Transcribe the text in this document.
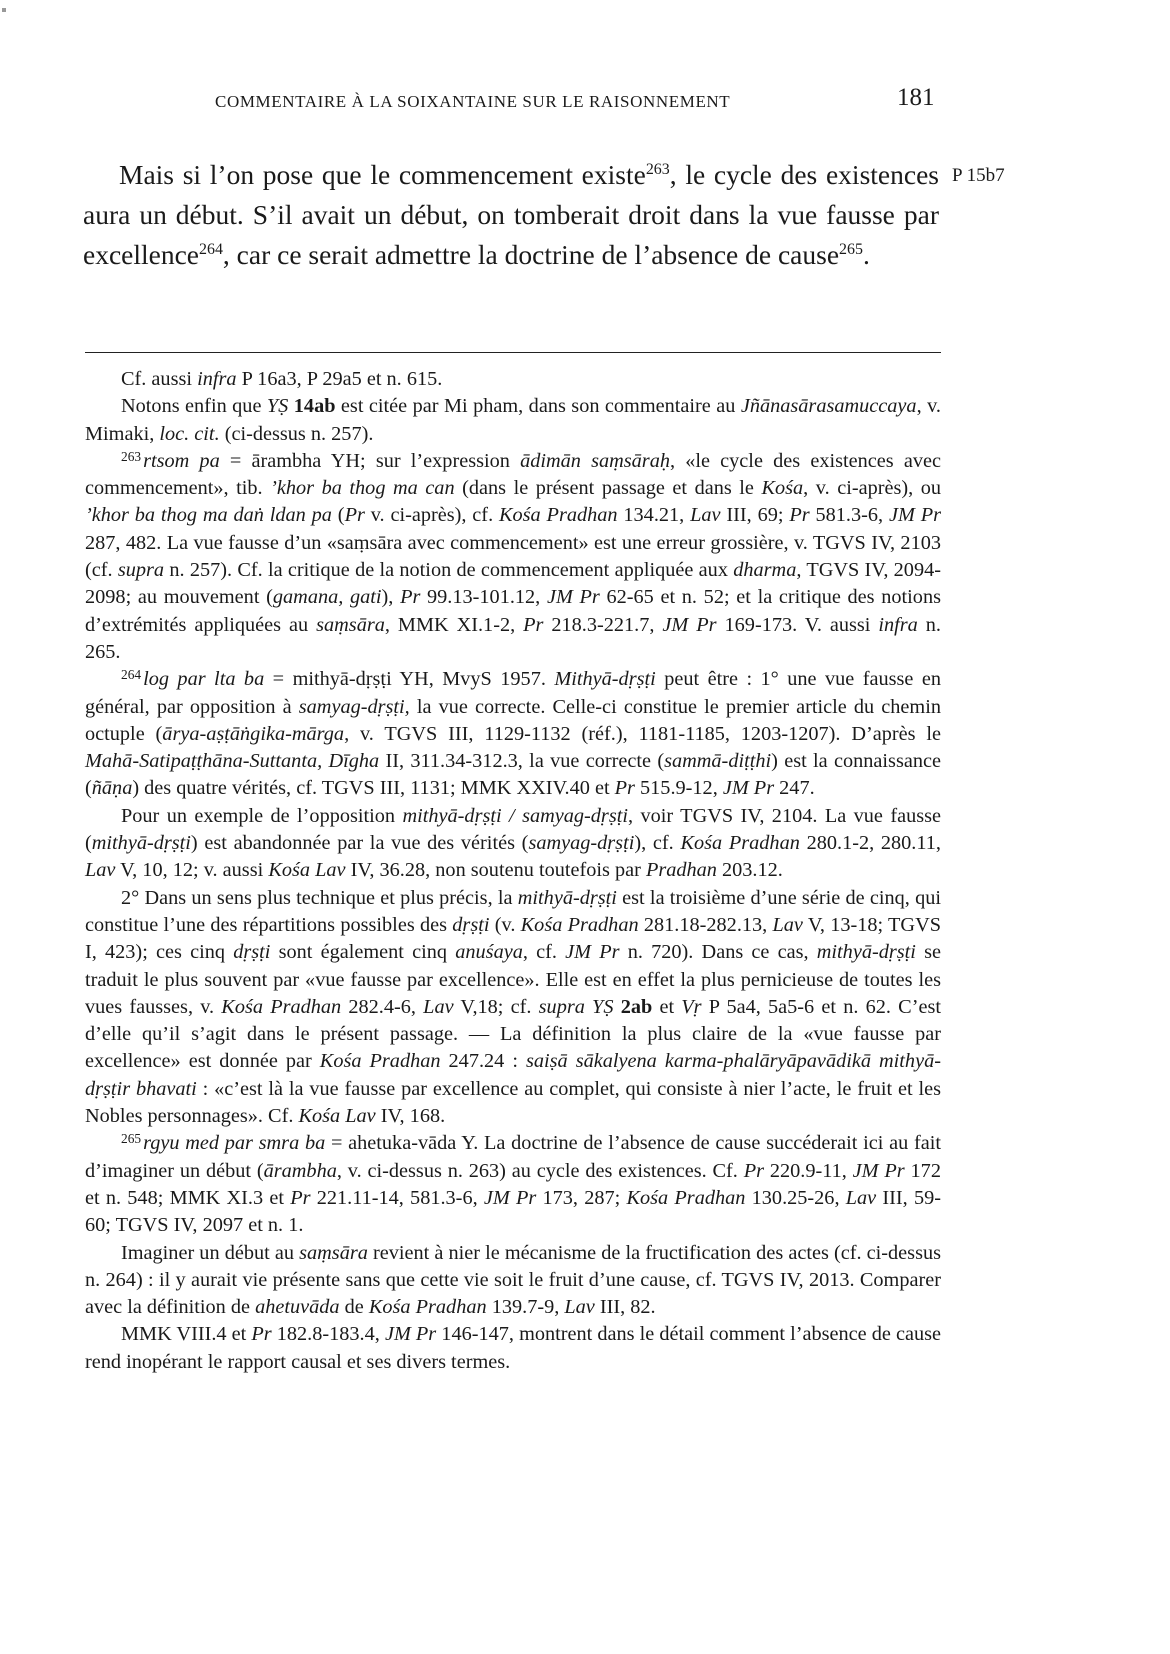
COMMENTAIRE À LA SOIXANTAINE SUR LE RAISONNEMENT	181
P 15b7

Mais si l’on pose que le commencement existe$^{263}$, le cycle des existences aura un début. S’il avait un début, on tomberait droit dans la vue fausse par excellence$^{264}$, car ce serait admettre la doctrine de l’absence de cause$^{265}$.

Cf. aussi infra P 16a3, P 29a5 et n. 615.

Notons enfin que YṢ 14ab est citée par Mi pham, dans son commentaire au Jñānasārasamuccaya, v. Mimaki, loc. cit. (ci-dessus n. 257).

$^{263}$rtsom pa = ārambha YH; sur l’expression ādimān saṃsāraḥ, «le cycle des existences avec commencement», tib. ’khor ba thog ma can (dans le présent passage et dans le Kośa, v. ci-après), ou ’khor ba thog ma daṅ ldan pa (Pr v. ci-après), cf. Kośa Pradhan 134.21, Lav III, 69; Pr 581.3-6, JM Pr 287, 482. La vue fausse d’un «saṃsāra avec commencement» est une erreur grossière, v. TGVS IV, 2103 (cf. supra n. 257). Cf. la critique de la notion de commencement appliquée aux dharma, TGVS IV, 2094-2098; au mouvement (gamana, gati), Pr 99.13-101.12, JM Pr 62-65 et n. 52; et la critique des notions d’extrémités appliquées au saṃsāra, MMK XI.1-2, Pr 218.3-221.7, JM Pr 169-173. V. aussi infra n. 265.

$^{264}$log par lta ba = mithyā-dṛṣṭi YH, MvyS 1957. Mithyā-dṛṣṭi peut être : 1° une vue fausse en général, par opposition à samyag-dṛṣṭi, la vue correcte. Celle-ci constitue le premier article du chemin octuple (ārya-aṣṭāṅgika-mārga, v. TGVS III, 1129-1132 (réf.), 1181-1185, 1203-1207). D’après le Mahā-Satipaṭṭhāna-Suttanta, Dīgha II, 311.34-312.3, la vue correcte (sammā-diṭṭhi) est la connaissance (ñāṇa) des quatre vérités, cf. TGVS III, 1131; MMK XXIV.40 et Pr 515.9-12, JM Pr 247.

Pour un exemple de l’opposition mithyā-dṛṣṭi / samyag-dṛṣṭi, voir TGVS IV, 2104. La vue fausse (mithyā-dṛṣṭi) est abandonnée par la vue des vérités (samyag-dṛṣṭi), cf. Kośa Pradhan 280.1-2, 280.11, Lav V, 10, 12; v. aussi Kośa Lav IV, 36.28, non soutenu toutefois par Pradhan 203.12.

2° Dans un sens plus technique et plus précis, la mithyā-dṛṣṭi est la troisième d’une série de cinq, qui constitue l’une des répartitions possibles des dṛṣṭi (v. Kośa Pradhan 281.18-282.13, Lav V, 13-18; TGVS I, 423); ces cinq dṛṣṭi sont également cinq anuśaya, cf. JM Pr n. 720). Dans ce cas, mithyā-dṛṣṭi se traduit le plus souvent par «vue fausse par excellence». Elle est en effet la plus pernicieuse de toutes les vues fausses, v. Kośa Pradhan 282.4-6, Lav V,18; cf. supra YṢ 2ab et Vṛ P 5a4, 5a5-6 et n. 62. C’est d’elle qu’il s’agit dans le présent passage. — La définition la plus claire de la «vue fausse par excellence» est donnée par Kośa Pradhan 247.24 : saiṣā sākalyena karma-phalāryāpavādikā mithyā-dṛṣṭir bhavati : «c’est là la vue fausse par excellence au complet, qui consiste à nier l’acte, le fruit et les Nobles personnages». Cf. Kośa Lav IV, 168.

$^{265}$rgyu med par smra ba = ahetuka-vāda Y. La doctrine de l’absence de cause succéderait ici au fait d’imaginer un début (ārambha, v. ci-dessus n. 263) au cycle des existences. Cf. Pr 220.9-11, JM Pr 172 et n. 548; MMK XI.3 et Pr 221.11-14, 581.3-6, JM Pr 173, 287; Kośa Pradhan 130.25-26, Lav III, 59-60; TGVS IV, 2097 et n. 1.

Imaginer un début au saṃsāra revient à nier le mécanisme de la fructification des actes (cf. ci-dessus n. 264) : il y aurait vie présente sans que cette vie soit le fruit d’une cause, cf. TGVS IV, 2013. Comparer avec la définition de ahetuvāda de Kośa Pradhan 139.7-9, Lav III, 82.

MMK VIII.4 et Pr 182.8-183.4, JM Pr 146-147, montrent dans le détail comment l’absence de cause rend inopérant le rapport causal et ses divers termes.
